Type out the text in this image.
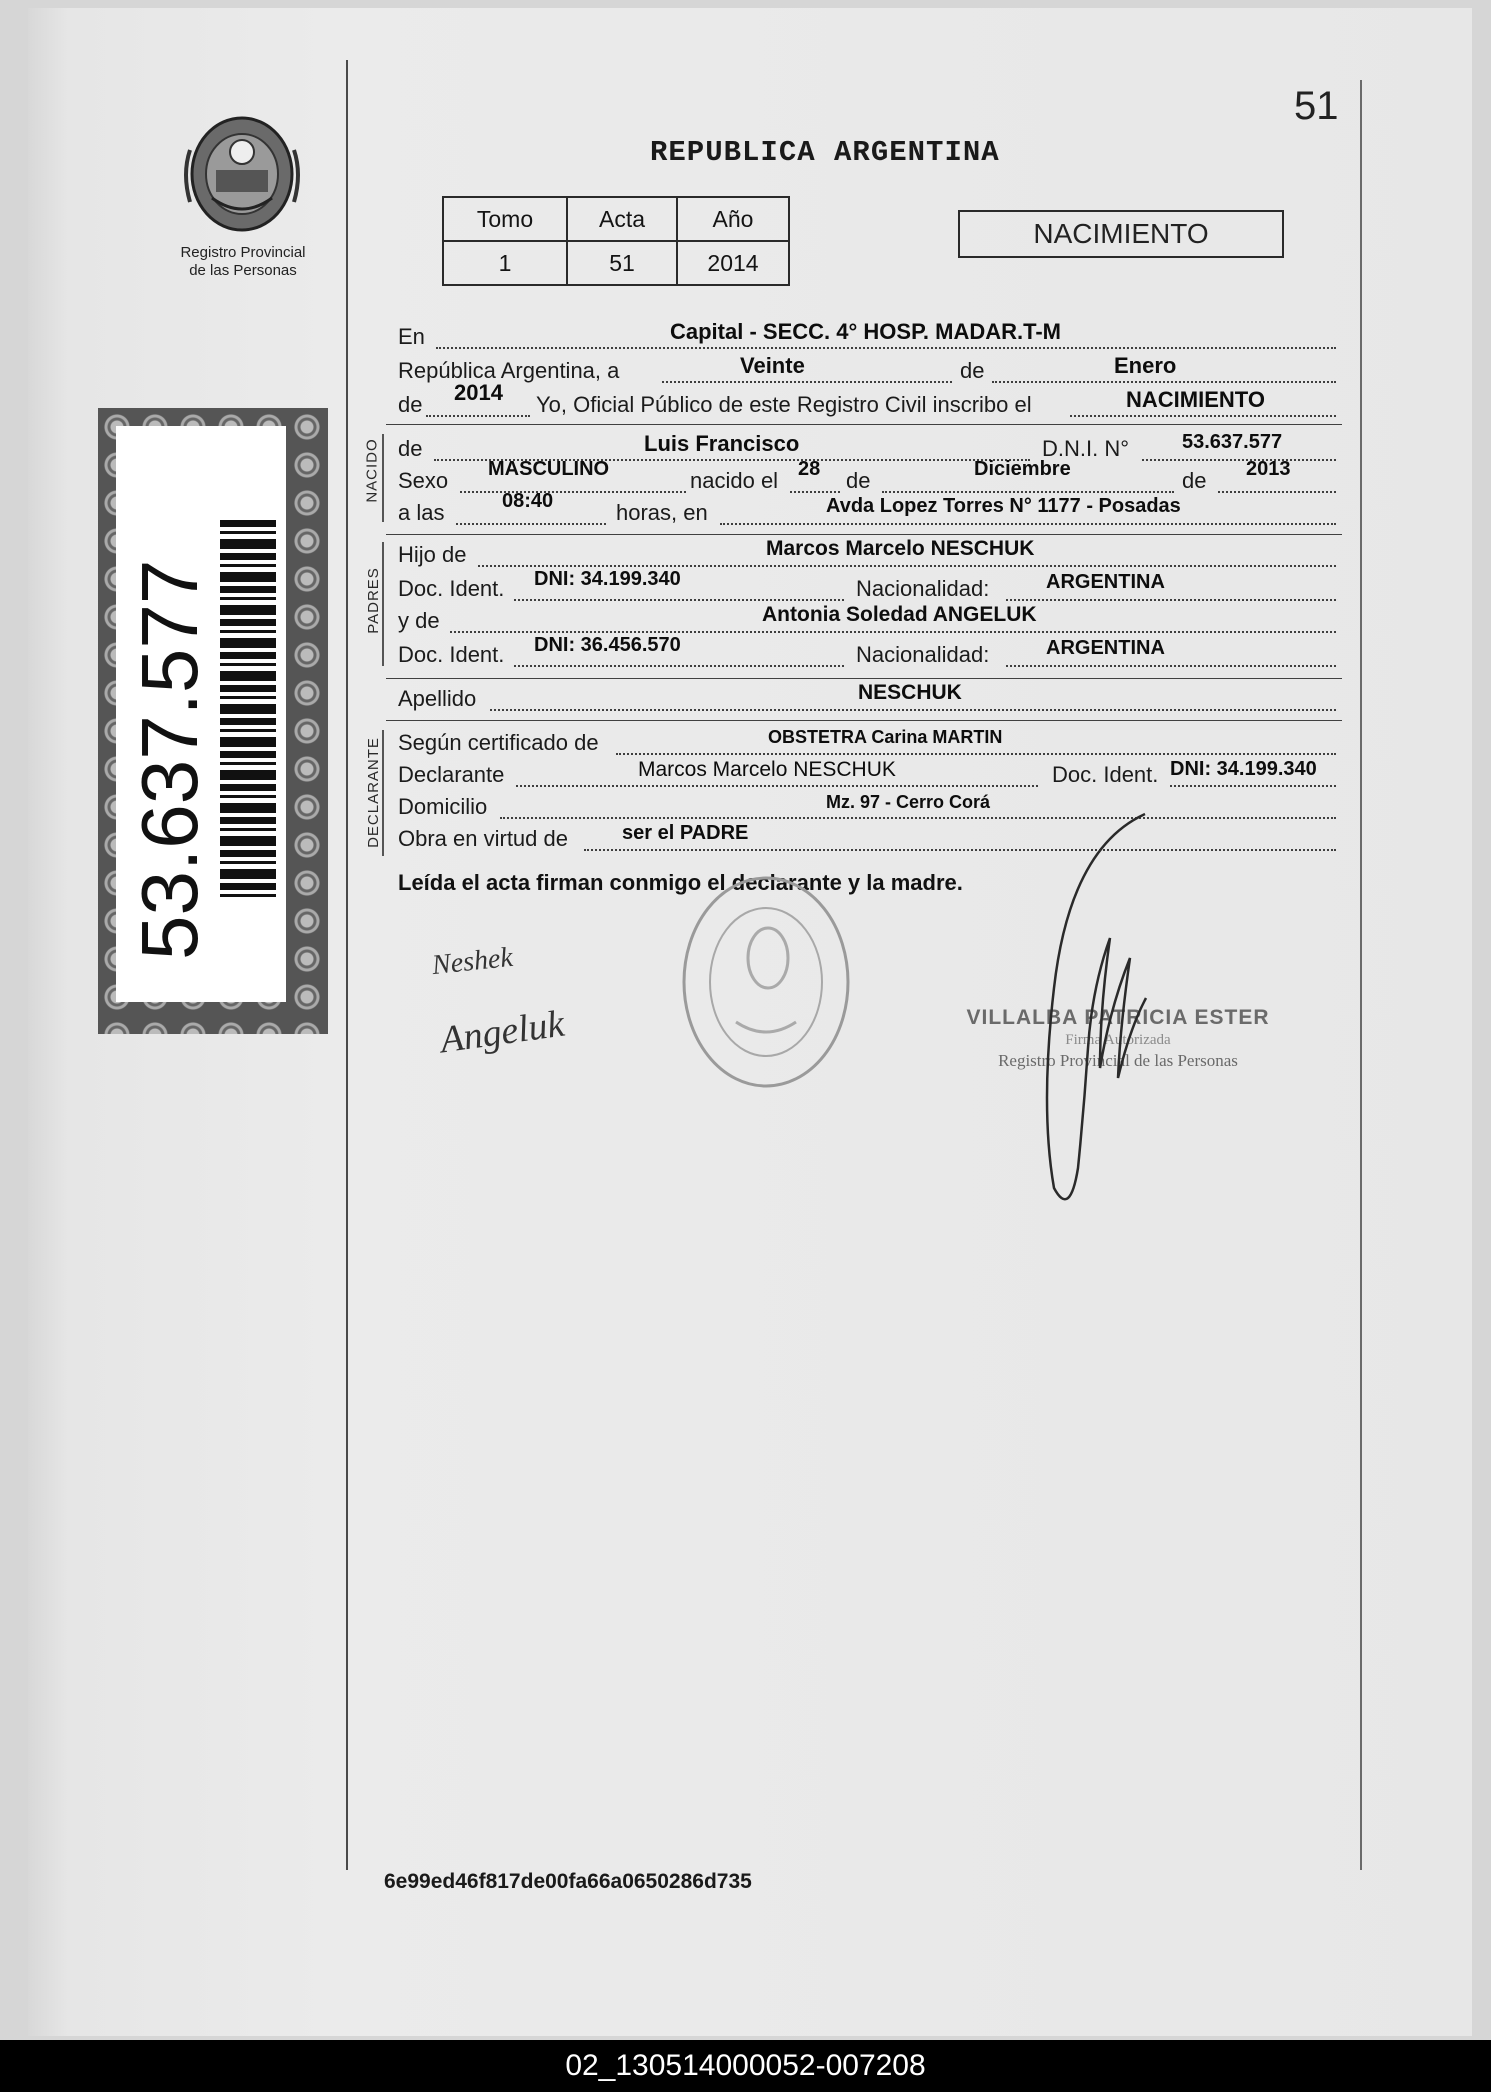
51
Registro Provincial
de las Personas
REPUBLICA ARGENTINA
Tomo	Acta	Año
1	51	2014
NACIMIENTO
53.637.577
NACIDO
PADRES
DECLARANTE
En	Capital - SECC. 4° HOSP. MADAR.T-M
República Argentina, a	Veinte	de	Enero
de 2014 Yo, Oficial Público de este Registro Civil inscribo el	NACIMIENTO
de	Luis Francisco	D.N.I. N°	53.637.577
Sexo MASCULINO	nacido el 28 de	Diciembre	de 2013
a las	08:40	horas, en	Avda Lopez Torres N° 1177 - Posadas
Hijo de	Marcos Marcelo NESCHUK
Doc. Ident. DNI: 34.199.340	Nacionalidad:	ARGENTINA
y de	Antonia Soledad ANGELUK
Doc. Ident. DNI: 36.456.570	Nacionalidad:	ARGENTINA
Apellido	NESCHUK
Según certificado de	OBSTETRA Carina MARTIN
Declarante	Marcos Marcelo NESCHUK	Doc. Ident. DNI: 34.199.340
Domicilio	Mz. 97 - Cerro Corá
Obra en virtud de	ser el PADRE
Leída el acta firman conmigo el declarante y la madre.
Neshek
Angeluk	VILLALBA PATRICIA ESTER
Firma Autorizada
Registro Provincial de las Personas
6e99ed46f817de00fa66a0650286d735
02_130514000052-007208
